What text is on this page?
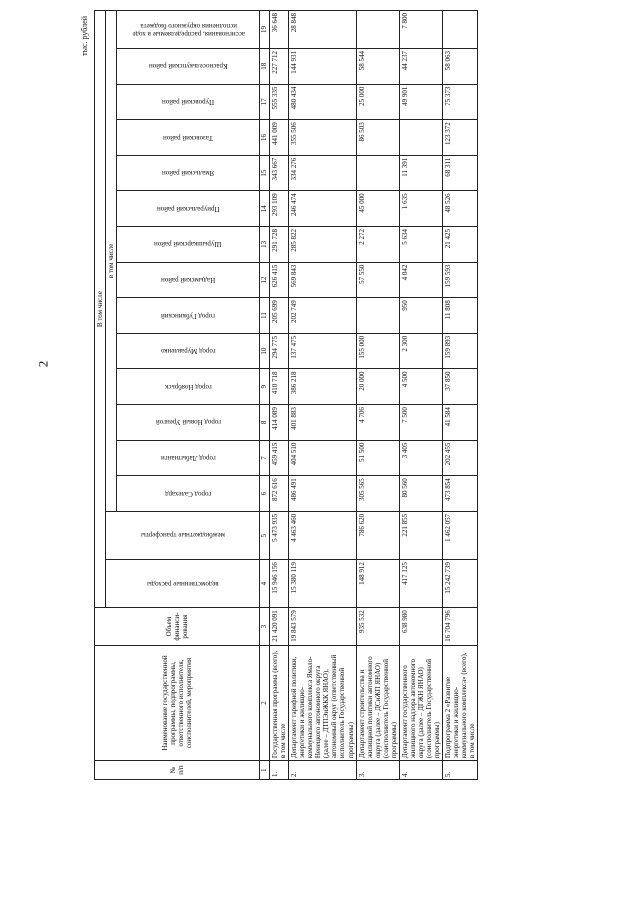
2
тыс. рублей
№ п/п	Наименование государственной программы, подпрограммы, ответственного исполнителя, соисполнителей, мероприятия	Объем финанси-рования	В том числе															

			ведомственные расходы	межбюджетные трансферты	в том числе													

					город Салехард	город Лабытнанги	город Новый Уренгой	город Ноябрьск	город Муравленко	город Губкинский	Надымский район	Шурышкарский район	Приуральский район	Ямальский район	Тазовский район	Пуровский район	Красноселькупский район	ассигнования, распределяемые в ходе исполнения окружного бюджета

1	2	3	4	5	6	7	8	9	10	11	12	13	14	15	16	17	18	19
1.	Государственная программа (всего), в том числе	21 420 091	15 946 156	5 473 935	872 616	459 415	414 089	410 718	294 775	205 699	626 415	291 728	293 109	343 667	441 009	555 335	227 712	36 648
2.	Департамент тарифной политики, энергетики и жилищно-коммунального комплекса Ямало-Ненецкого автономного округа (далее – ДТПЭиЖКК ЯНАО), автономный округ (ответственный исполнитель Государственной программы)	19 843 579	15 380 119	4 463 460	486 491	404 510	401 883	386 218	137 475	202 749	569 843	285 822	246 474	334 276	355 506	480 434	144 931	28 848
3.	Департамент строительства и жилищной политики автономного округа (далее – ДСиЖП ЯНАО) (соисполнитель Государственной программы)	935 532	148 912	786 620	305 565	51 500	4 706	20 000	155 000		57 550	2 272	45 000		86 503	25 000	58 544	
4.	Департамент государственного жилищного надзора автономного округа (далее – ДГЖН ЯНАО) (соисполнитель Государственной программы)	638 980	417 125	221 855	80 560	3 405	7 500	4 500	2 300	950	4 042	5 634	1 635	11 391		49 901	44 237	7 800
5.	Подпрограмма 2 «Развитие энергетики и жилищно-коммунального комплекса» (всего), в том числе	16 704 796	15 242 739	1 462 057	473 854	202 455	41 584	37 850	159 893	11 808	159 593	21 425	48 526	68 311	123 372	75 373	58 063	
